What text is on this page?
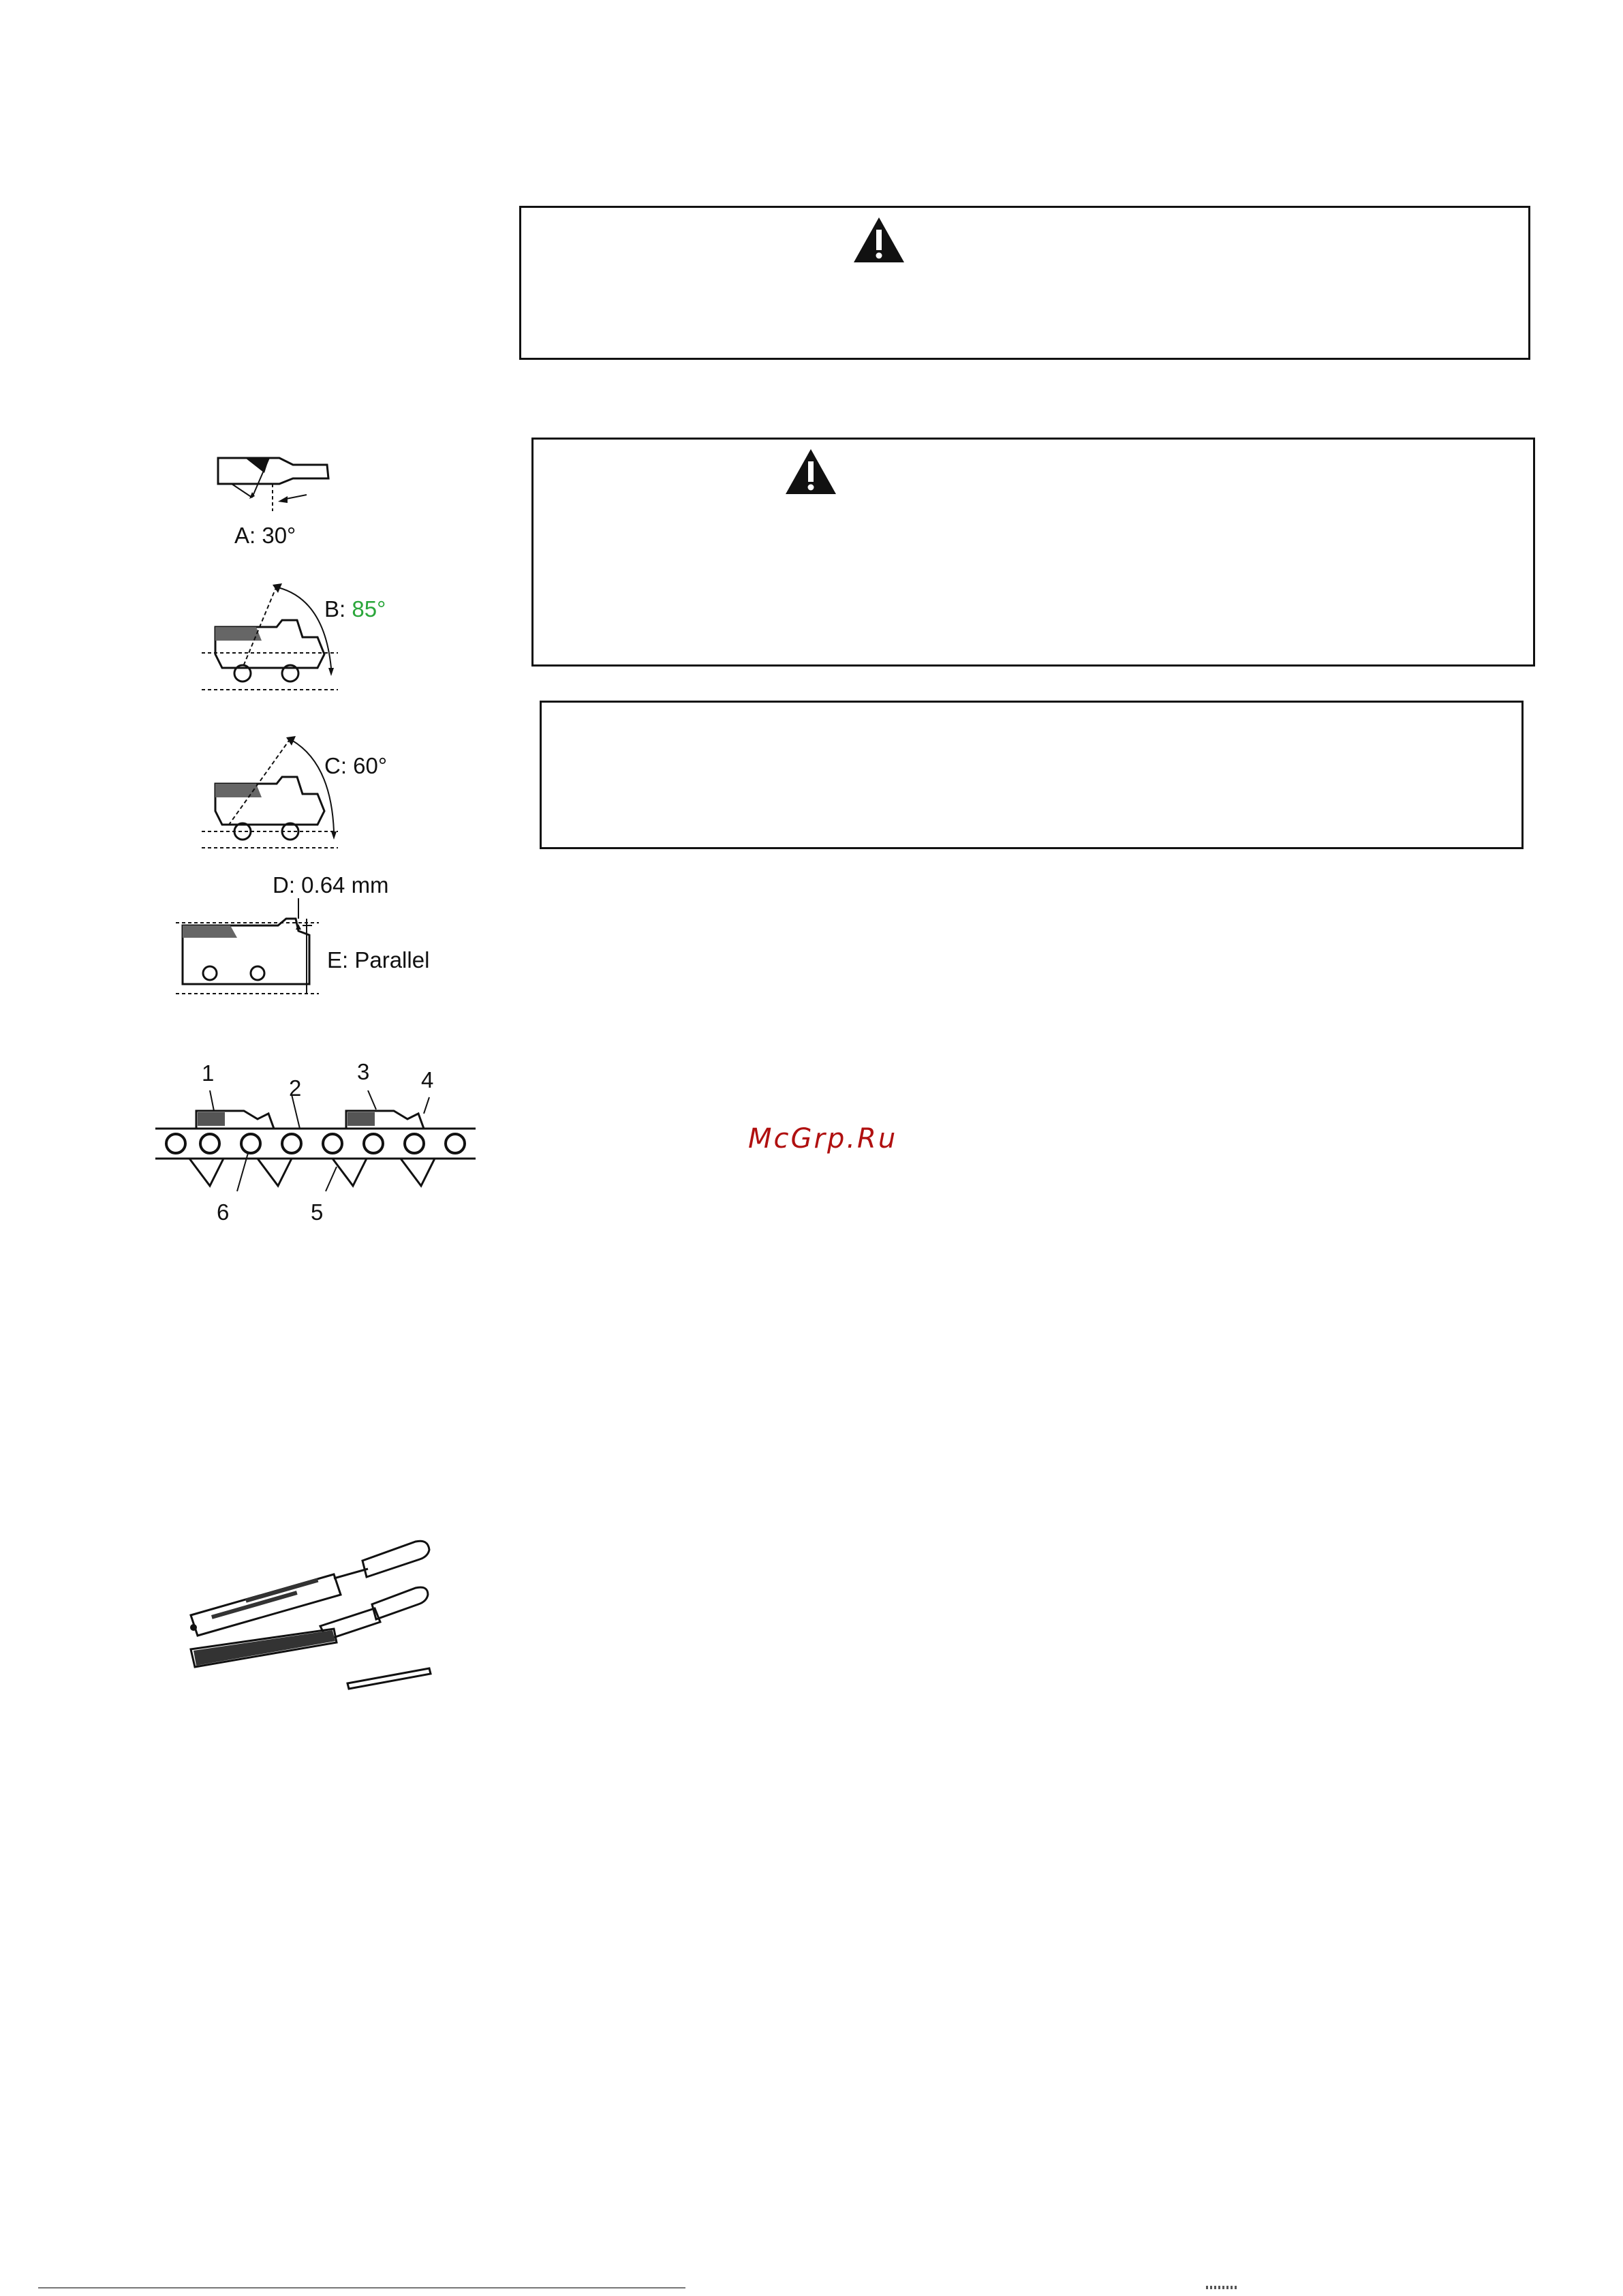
A: 30°
B: 85°
C: 60°
D: 0.64 mm
E: Parallel
1
2
3 4
6	5
McGrp.Ru
